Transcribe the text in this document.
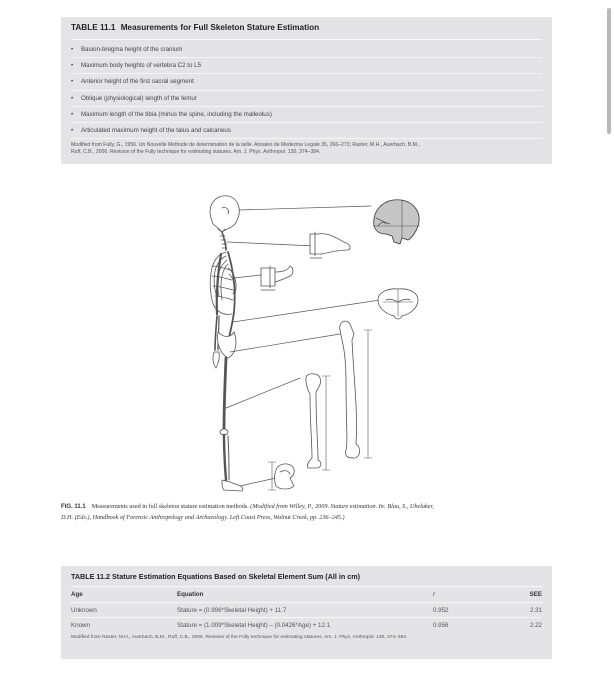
TABLE 11.1 Measurements for Full Skeleton Stature Estimation
• Basion-bregma height of the cranium
• Maximum body heights of vertebra C2 to L5
• Anterior height of the first sacral segment
• Oblique (physiological) length of the femur
• Maximum length of the tibia (minus the spine, including the malleolus)
• Articulated maximum height of the talus and calcaneus
Modified from Fully, G., 1956. Un Nouvelle Methode de determination de la taille. Annales de Medecine Legale 35, 266–273; Raxter, M.H., Auerbach, B.M.,
Ruff, C.B., 2006. Revision of the Fully technique for estimating statures. Am. J. Phys. Anthropol. 130, 374–384.
FIG. 11.1 Measurements used in full skeleton stature estimation methods. (Modified from Willey, P., 2009. Stature estimation. In: Blau, S., Ubelaker,
D.H. (Eds.), Handbook of Forensic Anthropology and Archaeology. Left Coast Press, Walnut Creek, pp. 236–245.)
TABLE 11.2 Stature Estimation Equations Based on Skeletal Element Sum (All in cm)
Age	Equation	r	SEE
Unknown	Stature = (0.996*Skeletal Height) + 11.7	0.952	2.31
Known	Stature = (1.009*Skeletal Height) – (0.0426*Age) + 12.1	0.956	2.22
Modified from Raxter, M.H., Auerbach, B.M., Ruff, C.B., 2006. Revision of the Fully technique for estimating statures. Am. J. Phys. Anthropol. 130, 374–384.
